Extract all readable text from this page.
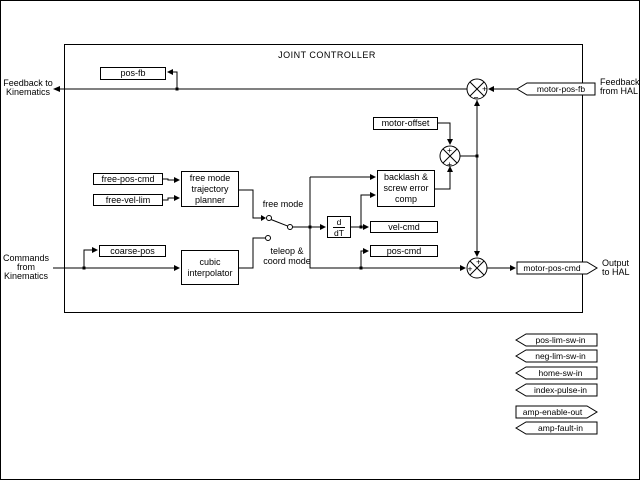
+
−
+
+
+
+
JOINT CONTROLLER
Feedback to
Kinematics
Commands
from
Kinematics
Feedback
from HAL
Output
to HAL
pos-fb
motor-offset
free-pos-cmd
free-vel-lim
free mode
trajectory
planner
coarse-pos
cubic
interpolator
backlash &
screw error
comp
d
dT
vel-cmd
pos-cmd
free mode
teleop &
coord mode
motor-pos-fb
motor-pos-cmd
pos-lim-sw-in
neg-lim-sw-in
home-sw-in
index-pulse-in
amp-enable-out
amp-fault-in
